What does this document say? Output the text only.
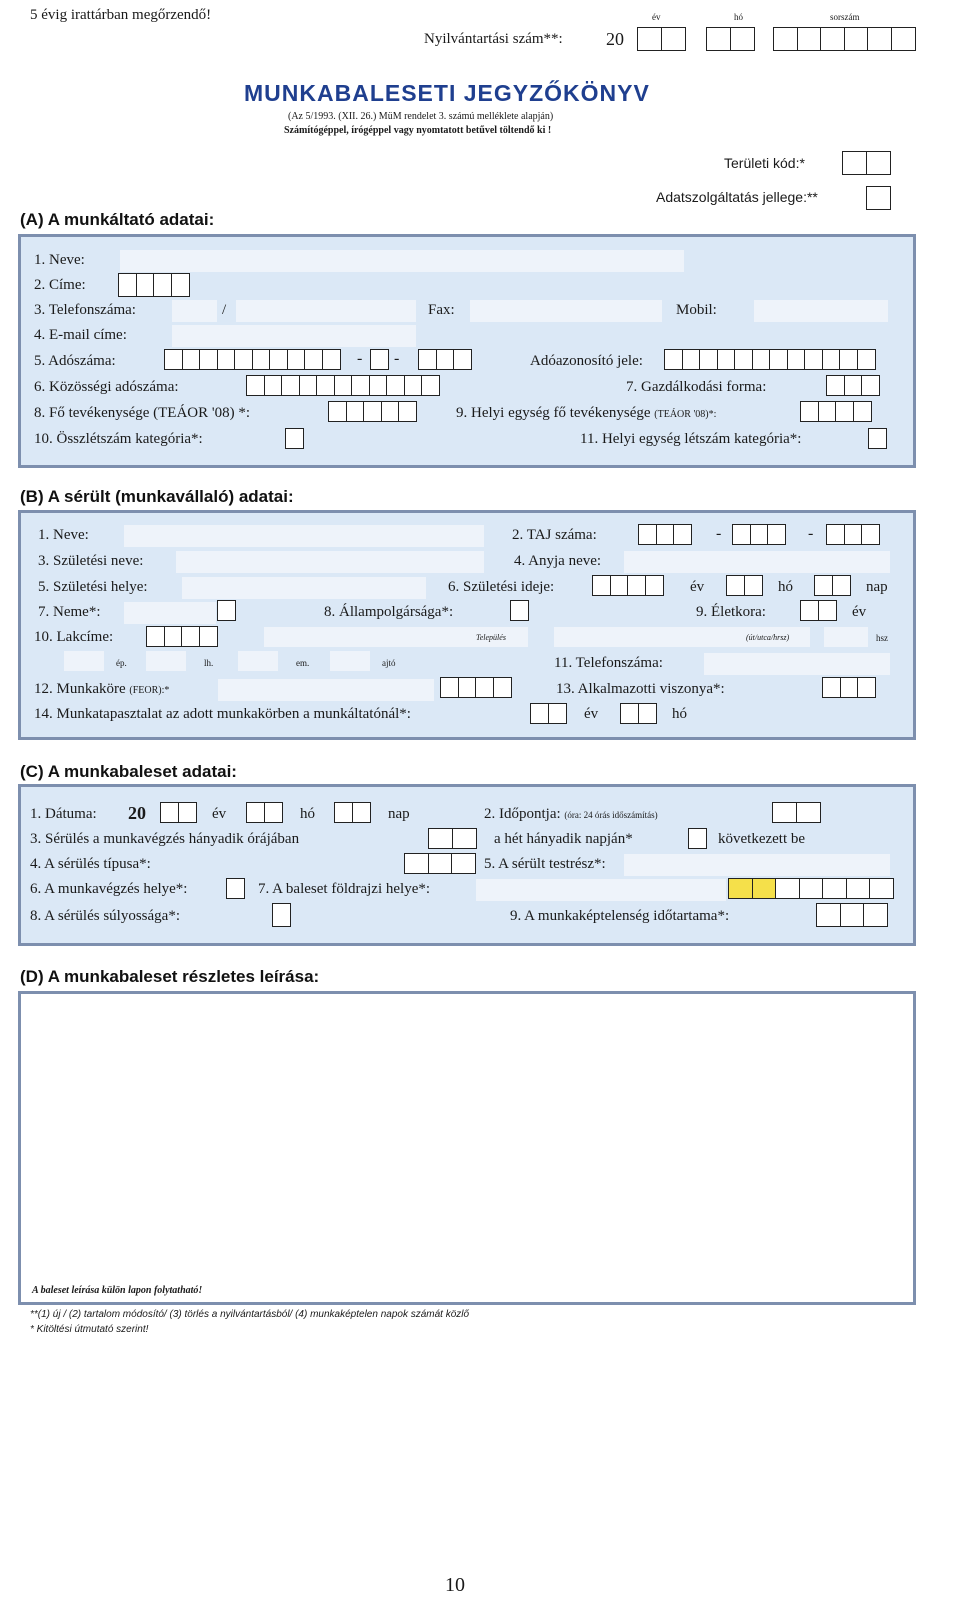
5 évig irattárban megőrzendő!	év	hó	sorszám
Nyilvántartási szám**: 20
MUNKABALESETI JEGYZŐKÖNYV
(Az 5/1993. (XII. 26.) MüM rendelet 3. számú melléklete alapján)
Számítógéppel, írógéppel vagy nyomtatott betűvel töltendő ki !
Területi kód:*
Adatszolgáltatás jellege:**
(A) A munkáltató adatai:
1. Neve:
2. Címe:
3. Telefonszáma:	/	Fax:	Mobil:
4. E-mail címe:
5. Adószáma:	- -	Adóazonosító jele:
6. Közösségi adószáma:	7. Gazdálkodási forma:
8. Fő tevékenysége (TEÁOR '08) *:	9. Helyi egység fő tevékenysége (TEÁOR '08)*:
10. Összlétszám kategória*:	11. Helyi egység létszám kategória*:
(B) A sérült (munkavállaló) adatai:
1. Neve:	2. TAJ száma:	-	-
3. Születési neve:	4. Anyja neve:
5. Születési helye:	6. Születési ideje:	év	hó	nap
7. Neme*:	8. Állampolgársága*:	9. Életkora:	év
10. Lakcíme:	Település	(út/utca/hrsz)	hsz
ép.	lh.	em.	ajtó	11. Telefonszáma:
12. Munkaköre (FEOR):*	13. Alkalmazotti viszonya*:
14. Munkatapasztalat az adott munkakörben a munkáltatónál*:	év	hó
(C) A munkabaleset adatai:
1. Dátuma: 20	év	hó	nap	2. Időpontja: (óra: 24 órás időszámítás)
3. Sérülés a munkavégzés hányadik órájában	a hét hányadik napján*	következett be
4. A sérülés típusa*:	5. A sérült testrész*:
6. A munkavégzés helye*:	7. A baleset földrajzi helye*:
8. A sérülés súlyossága*:	9. A munkaképtelenség időtartama*:
(D) A munkabaleset részletes leírása:
A baleset leírása külön lapon folytatható!
**(1) új / (2) tartalom módosító/ (3) törlés a nyilvántartásból/ (4) munkaképtelen napok számát közlő
* Kitöltési útmutató szerint!
10
